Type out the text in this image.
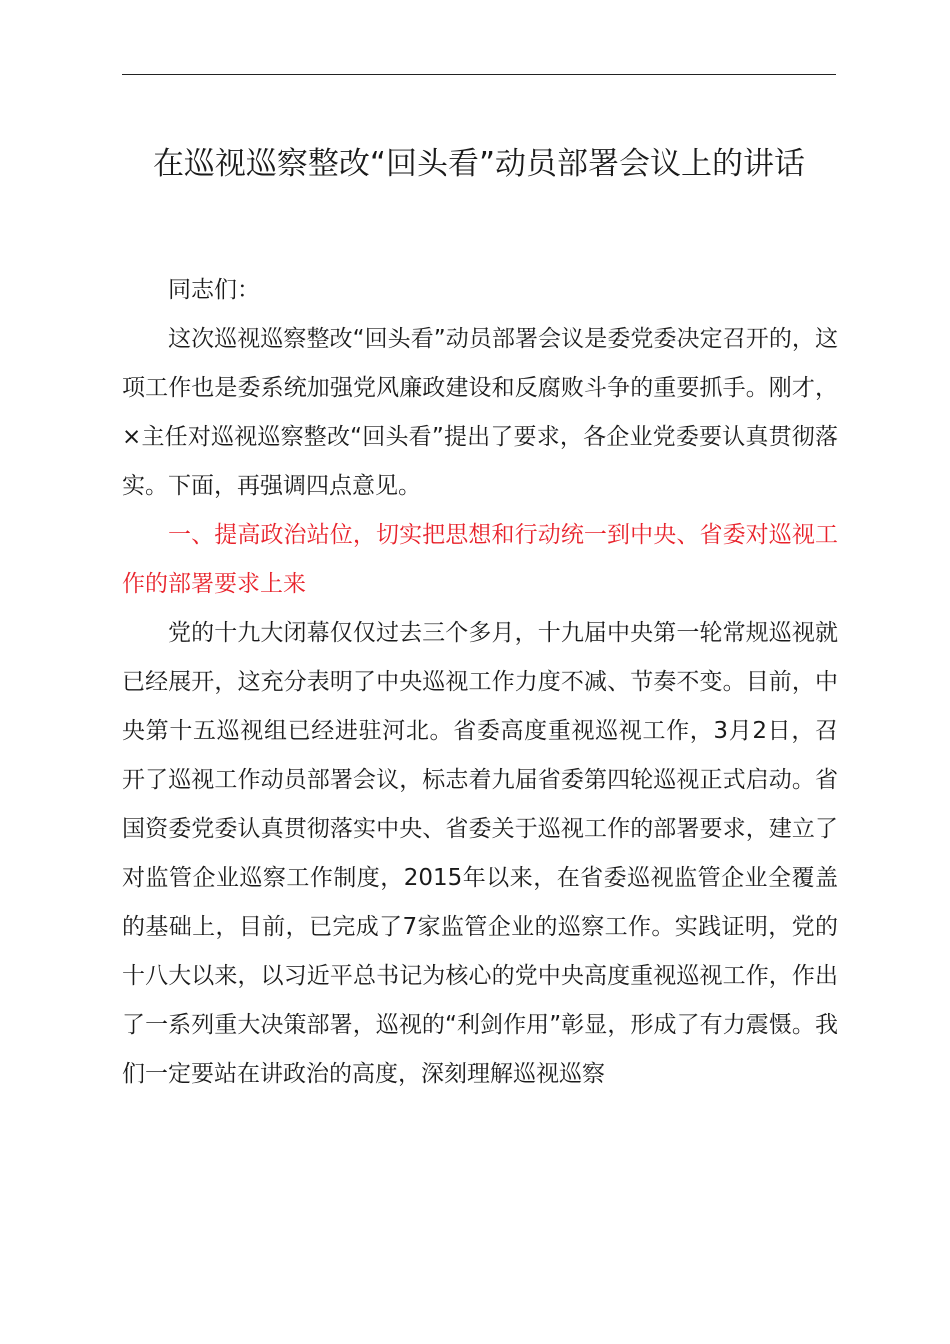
在巡视巡察整改“回头看”动员部署会议上的讲话

同志们：

这次巡视巡察整改“回头看”动员部署会议是委党委决定召开的，这项工作也是委系统加强党风廉政建设和反腐败斗争的重要抓手。刚才，×主任对巡视巡察整改“回头看”提出了要求，各企业党委要认真贯彻落实。下面，再强调四点意见。

一、提高政治站位，切实把思想和行动统一到中央、省委对巡视工作的部署要求上来

党的十九大闭幕仅仅过去三个多月，十九届中央第一轮常规巡视就已经展开，这充分表明了中央巡视工作力度不减、节奏不变。目前，中央第十五巡视组已经进驻河北。省委高度重视巡视工作，3月2日，召开了巡视工作动员部署会议，标志着九届省委第四轮巡视正式启动。省国资委党委认真贯彻落实中央、省委关于巡视工作的部署要求，建立了对监管企业巡察工作制度，2015年以来，在省委巡视监管企业全覆盖的基础上，目前，已完成了7家监管企业的巡察工作。实践证明，党的十八大以来，以习近平总书记为核心的党中央高度重视巡视工作，作出了一系列重大决策部署，巡视的“利剑作用”彰显，形成了有力震慑。我们一定要站在讲政治的高度，深刻理解巡视巡察
